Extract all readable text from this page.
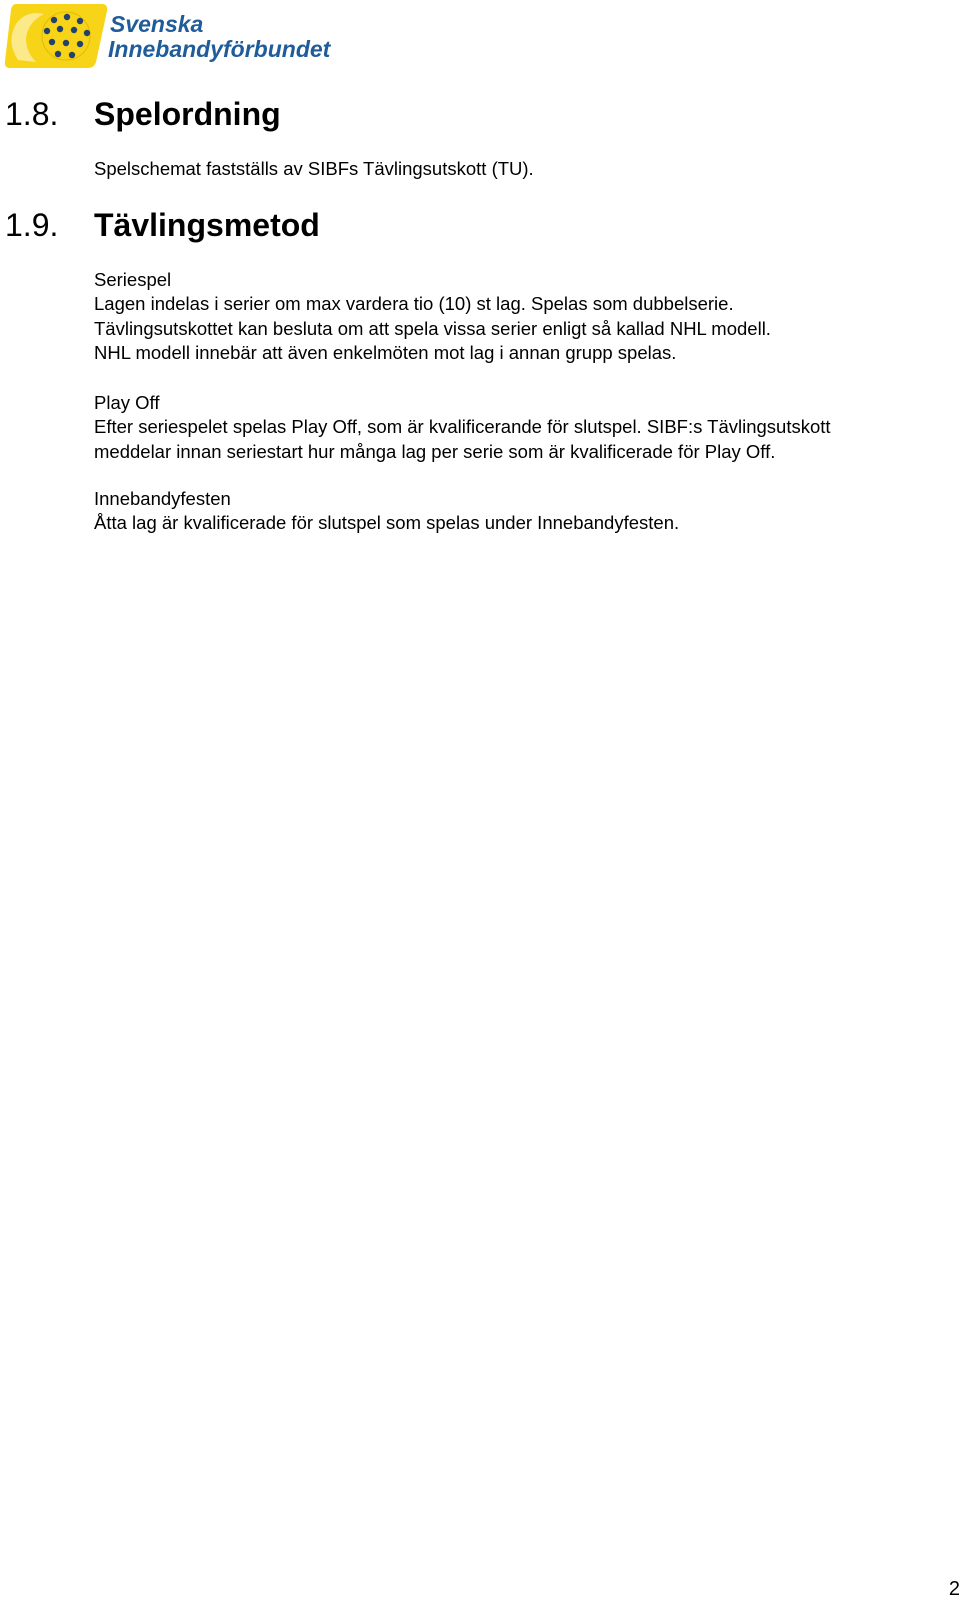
Svenska
Innebandyförbundet
1.8. Spelordning

Spelschemat fastställs av SIBFs Tävlingsutskott (TU).

1.9. Tävlingsmetod

Seriespel

Lagen indelas i serier om max vardera tio (10) st lag. Spelas som dubbelserie.

Tävlingsutskottet kan besluta om att spela vissa serier enligt så kallad NHL modell.

NHL modell innebär att även enkelmöten mot lag i annan grupp spelas.

Play Off

Efter seriespelet spelas Play Off, som är kvalificerande för slutspel. SIBF:s Tävlingsutskott

meddelar innan seriestart hur många lag per serie som är kvalificerade för Play Off.

Innebandyfesten

Åtta lag är kvalificerade för slutspel som spelas under Innebandyfesten.

2
